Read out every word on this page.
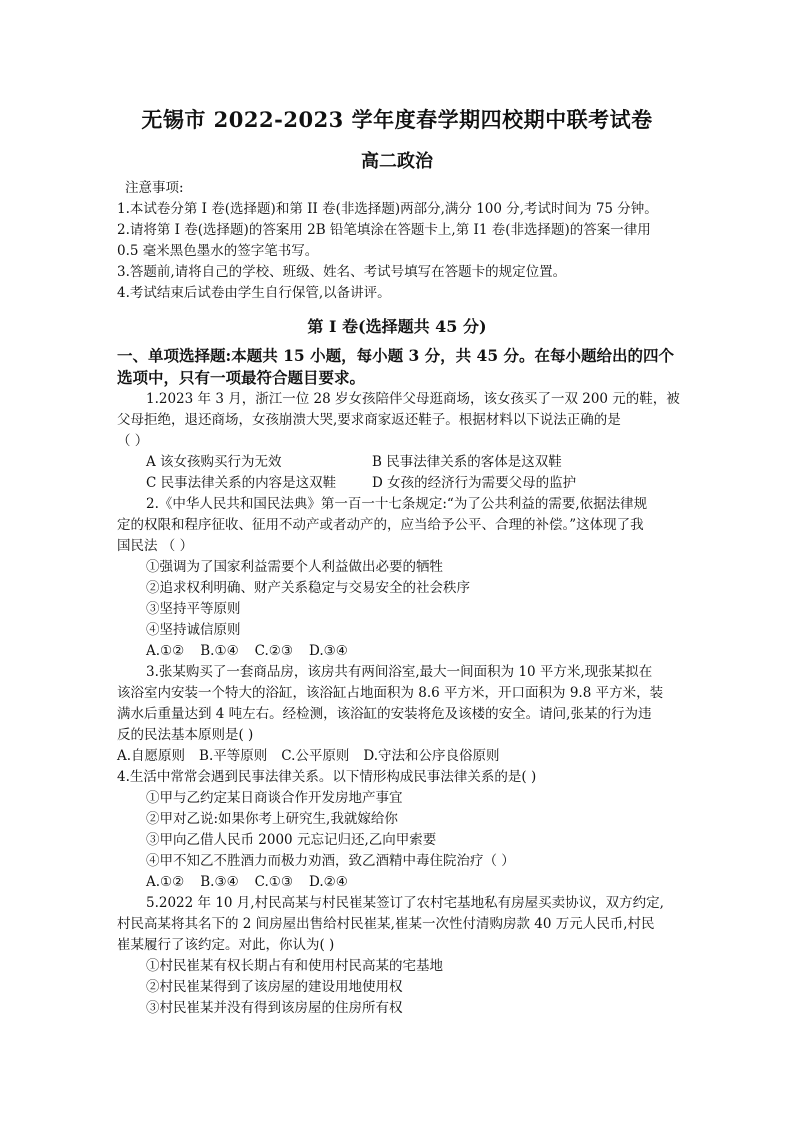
无锡市 2022-2023 学年度春学期四校期中联考试卷
高二政治
注意事项:
1.本试卷分第 I 卷(选择题)和第 II 卷(非选择题)两部分,满分 100 分,考试时间为 75 分钟。
2.请将第 I 卷(选择题)的答案用 2B 铅笔填涂在答题卡上,第 I1 卷(非选择题)的答案一律用
0.5 毫米黑色墨水的签字笔书写。
3.答题前,请将自己的学校、班级、姓名、考试号填写在答题卡的规定位置。
4.考试结束后试卷由学生自行保管,以备讲评。
第 I 卷(选择题共 45 分)
一、单项选择题:本题共 15 小题，每小题 3 分，共 45 分。在每小题给出的四个
选项中，只有一项最符合题目要求。
1.2023 年 3 月，浙江一位 28 岁女孩陪伴父母逛商场，该女孩买了一双 200 元的鞋，被
父母拒绝，退还商场，女孩崩溃大哭,要求商家返还鞋子。根据材料以下说法正确的是
（ ）
A 该女孩购买行为无效	B 民事法律关系的客体是这双鞋
C 民事法律关系的内容是这双鞋	D 女孩的经济行为需要父母的监护
2.《中华人民共和国民法典》第一百一十七条规定:“为了公共利益的需要,依据法律规
定的权限和程序征收、征用不动产或者动产的，应当给予公平、合理的补偿。”这体现了我
国民法 （ ）
①强调为了国家利益需要个人利益做出必要的牺牲
②追求权利明确、财产关系稳定与交易安全的社会秩序
③坚持平等原则
④坚持诚信原则
A.①② B.①④ C.②③ D.③④
3.张某购买了一套商品房，该房共有两间浴室,最大一间面积为 10 平方米,现张某拟在
该浴室内安装一个特大的浴缸，该浴缸占地面积为 8.6 平方米，开口面积为 9.8 平方米，装
满水后重量达到 4 吨左右。经检测，该浴缸的安装将危及该楼的安全。请问,张某的行为违
反的民法基本原则是( )
A.自愿原则 B.平等原则 C.公平原则 D.守法和公序良俗原则
4.生活中常常会遇到民事法律关系。以下情形构成民事法律关系的是( )
①甲与乙约定某日商谈合作开发房地产事宜
②甲对乙说:如果你考上研究生,我就嫁给你
③甲向乙借人民币 2000 元忘记归还,乙向甲索要
④甲不知乙不胜酒力而极力劝酒，致乙酒精中毒住院治疗（ ）
A.①② B.③④ C.①③ D.②④
5.2022 年 10 月,村民高某与村民崔某签订了农村宅基地私有房屋买卖协议，双方约定,
村民高某将其名下的 2 间房屋出售给村民崔某,崔某一次性付清购房款 40 万元人民币,村民
崔某履行了该约定。对此，你认为( )
①村民崔某有权长期占有和使用村民高某的宅基地
②村民崔某得到了该房屋的建设用地使用权
③村民崔某并没有得到该房屋的住房所有权
